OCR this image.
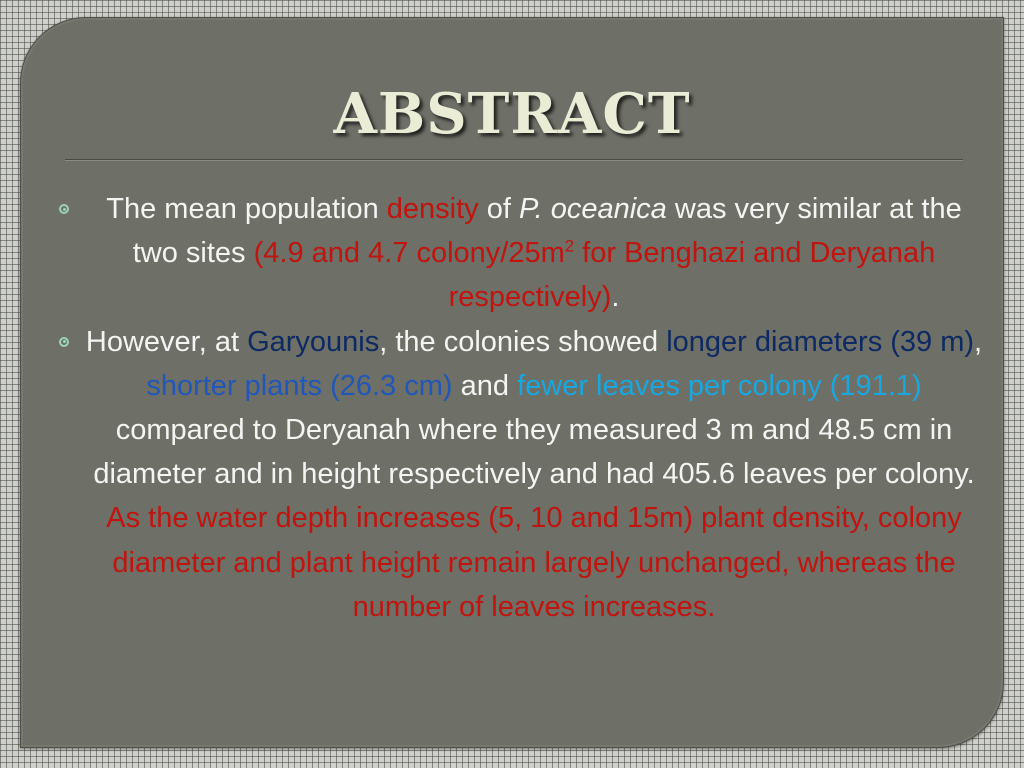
ABSTRACT
The mean population density of P. oceanica was very similar at the two sites (4.9 and 4.7 colony/$25m^2$ for Benghazi and Deryanah respectively).
However, at Garyounis, the colonies showed longer diameters (39 m), shorter plants (26.3 cm) and fewer leaves per colony (191.1) compared to Deryanah where they measured 3 m and 48.5 cm in diameter and in height respectively and had 405.6 leaves per colony. As the water depth increases (5, 10 and 15m) plant density, colony diameter and plant height remain largely unchanged, whereas the number of leaves increases.
